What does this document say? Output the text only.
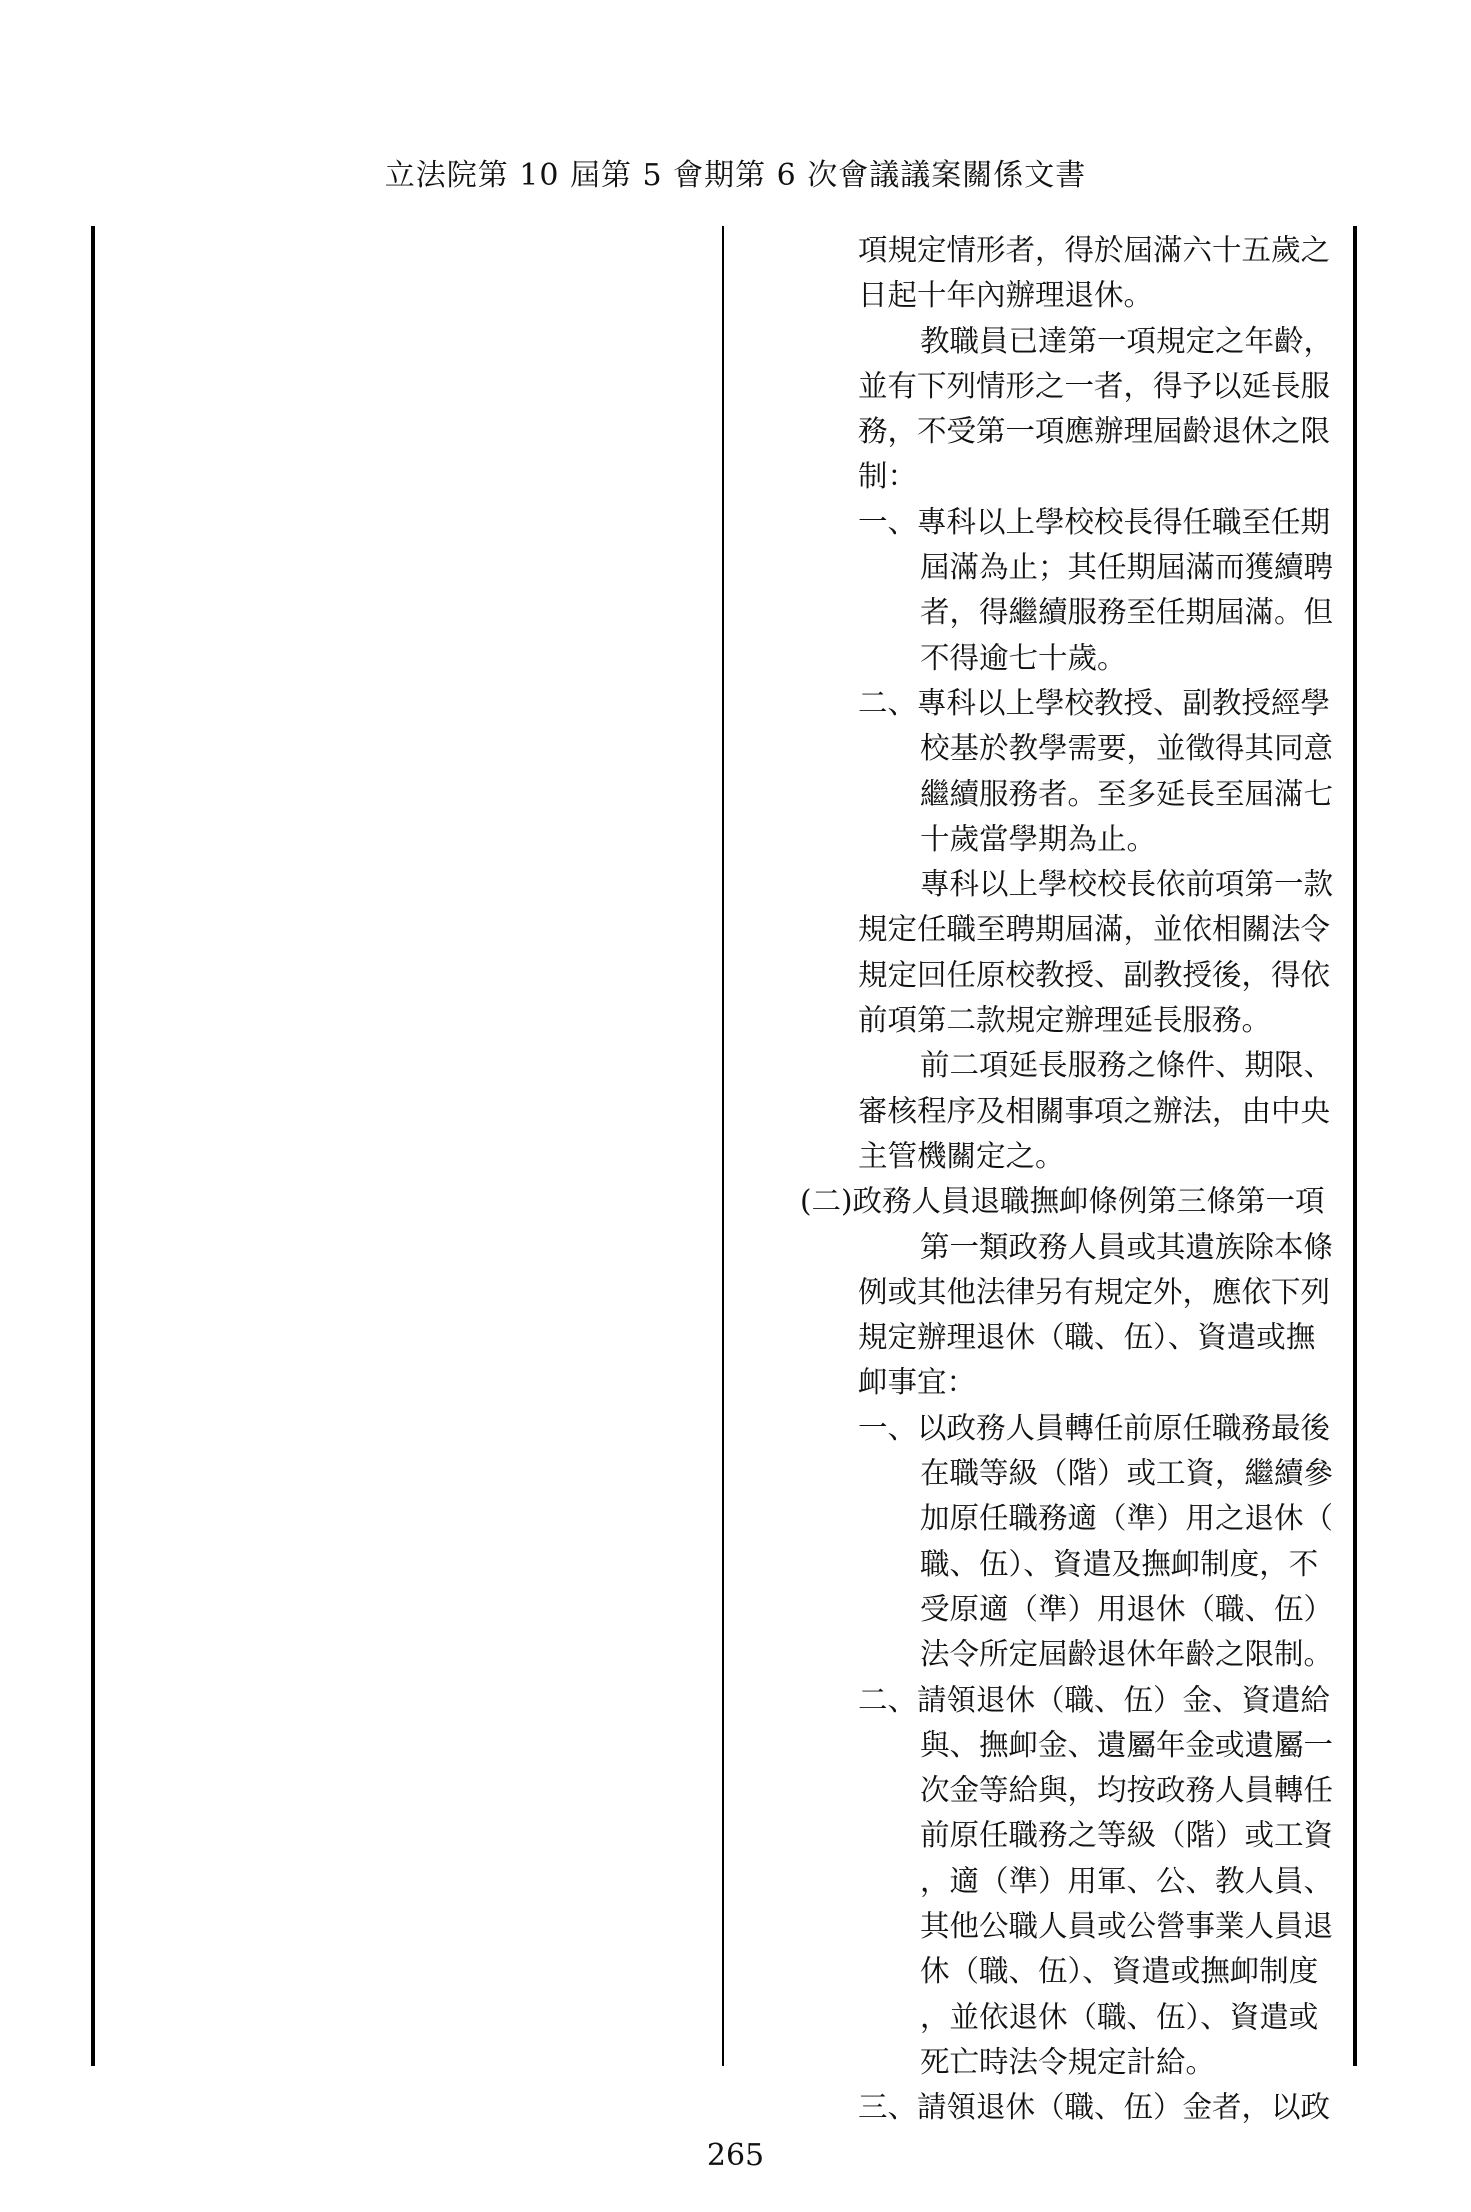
立法院第 10 屆第 5 會期第 6 次會議議案關係文書
項規定情形者，得於屆滿六十五歲之
日起十年內辦理退休。
教職員已達第一項規定之年齡，
並有下列情形之一者，得予以延長服
務，不受第一項應辦理屆齡退休之限
制：
一、專科以上學校校長得任職至任期
屆滿為止；其任期屆滿而獲續聘
者，得繼續服務至任期屆滿。但
不得逾七十歲。
二、專科以上學校教授、副教授經學
校基於教學需要，並徵得其同意
繼續服務者。至多延長至屆滿七
十歲當學期為止。
專科以上學校校長依前項第一款
規定任職至聘期屆滿，並依相關法令
規定回任原校教授、副教授後，得依
前項第二款規定辦理延長服務。
前二項延長服務之條件、期限、
審核程序及相關事項之辦法，由中央
主管機關定之。
(二)政務人員退職撫卹條例第三條第一項
第一類政務人員或其遺族除本條
例或其他法律另有規定外，應依下列
規定辦理退休（職、伍）、資遣或撫
卹事宜：
一、以政務人員轉任前原任職務最後
在職等級（階）或工資，繼續參
加原任職務適（準）用之退休（
職、伍）、資遣及撫卹制度，不
受原適（準）用退休（職、伍）
法令所定屆齡退休年齡之限制。
二、請領退休（職、伍）金、資遣給
與、撫卹金、遺屬年金或遺屬一
次金等給與，均按政務人員轉任
前原任職務之等級（階）或工資
，適（準）用軍、公、教人員、
其他公職人員或公營事業人員退
休（職、伍）、資遣或撫卹制度
，並依退休（職、伍）、資遣或
死亡時法令規定計給。
三、請領退休（職、伍）金者，以政
265
